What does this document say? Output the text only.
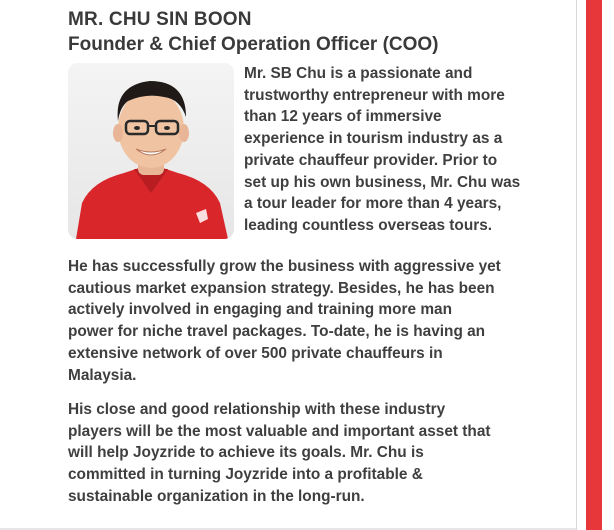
MR. CHU SIN BOON
Founder & Chief Operation Officer (COO)

Mr. SB Chu is a passionate and
trustworthy entrepreneur with more
than 12 years of immersive
experience in tourism industry as a
private chauffeur provider. Prior to
set up his own business, Mr. Chu was
a tour leader for more than 4 years,
leading countless overseas tours.

He has successfully grow the business with aggressive yet
cautious market expansion strategy. Besides, he has been
actively involved in engaging and training more man
power for niche travel packages. To-date, he is having an
extensive network of over 500 private chauffeurs in
Malaysia.

His close and good relationship with these industry
players will be the most valuable and important asset that
will help Joyzride to achieve its goals. Mr. Chu is
committed in turning Joyzride into a profitable &
sustainable organization in the long-run.
